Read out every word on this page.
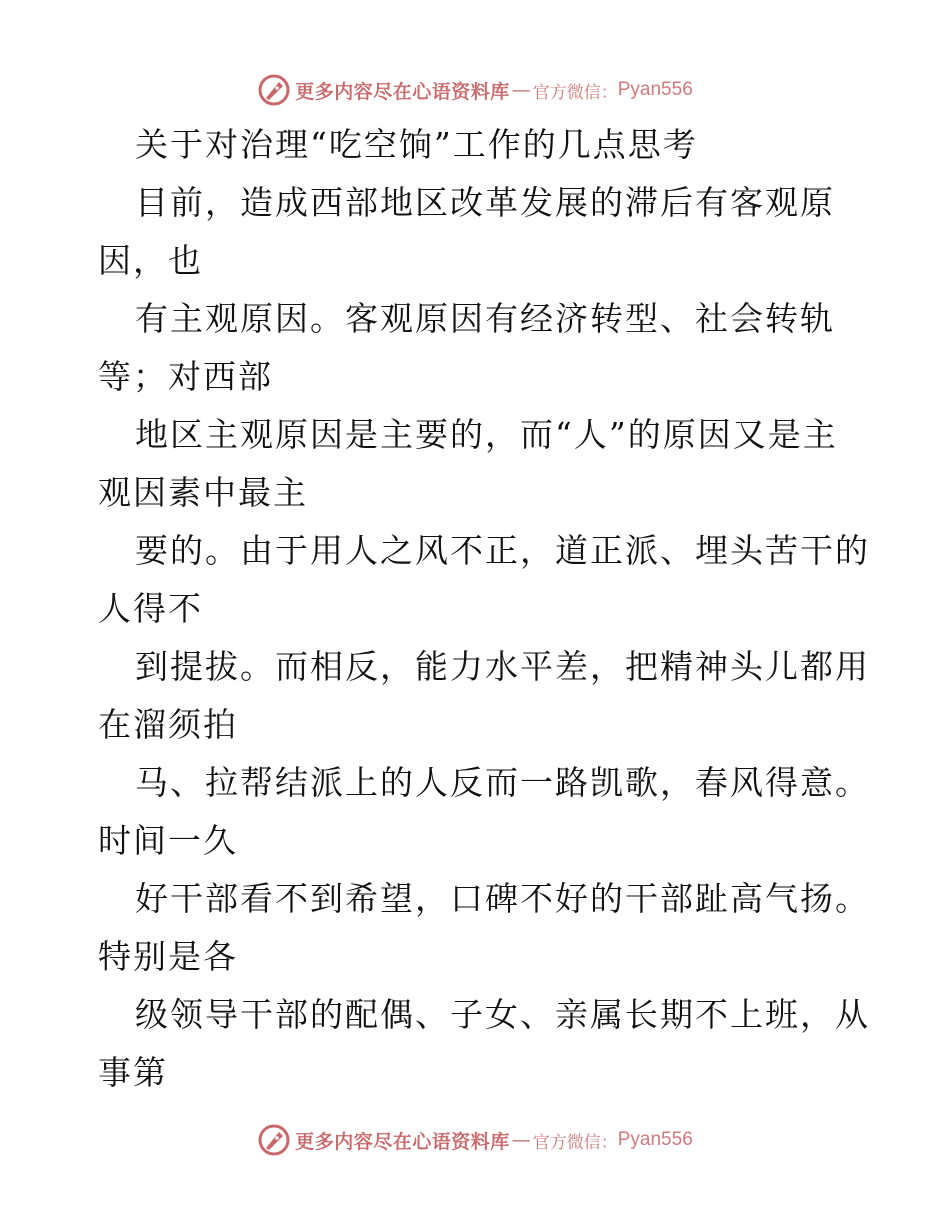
更多内容尽在心语资料库 — 官方微信： Pyan556
关于对治理“吃空饷”工作的几点思考
目前，造成西部地区改革发展的滞后有客观原
因，也
有主观原因。客观原因有经济转型、社会转轨
等；对西部
地区主观原因是主要的，而“人”的原因又是主
观因素中最主
要的。由于用人之风不正，道正派、埋头苦干的
人得不
到提拔。而相反，能力水平差，把精神头儿都用
在溜须拍
马、拉帮结派上的人反而一路凯歌，春风得意。
时间一久
好干部看不到希望，口碑不好的干部趾高气扬。
特别是各
级领导干部的配偶、子女、亲属长期不上班，从
事第
更多内容尽在心语资料库 — 官方微信： Pyan556
